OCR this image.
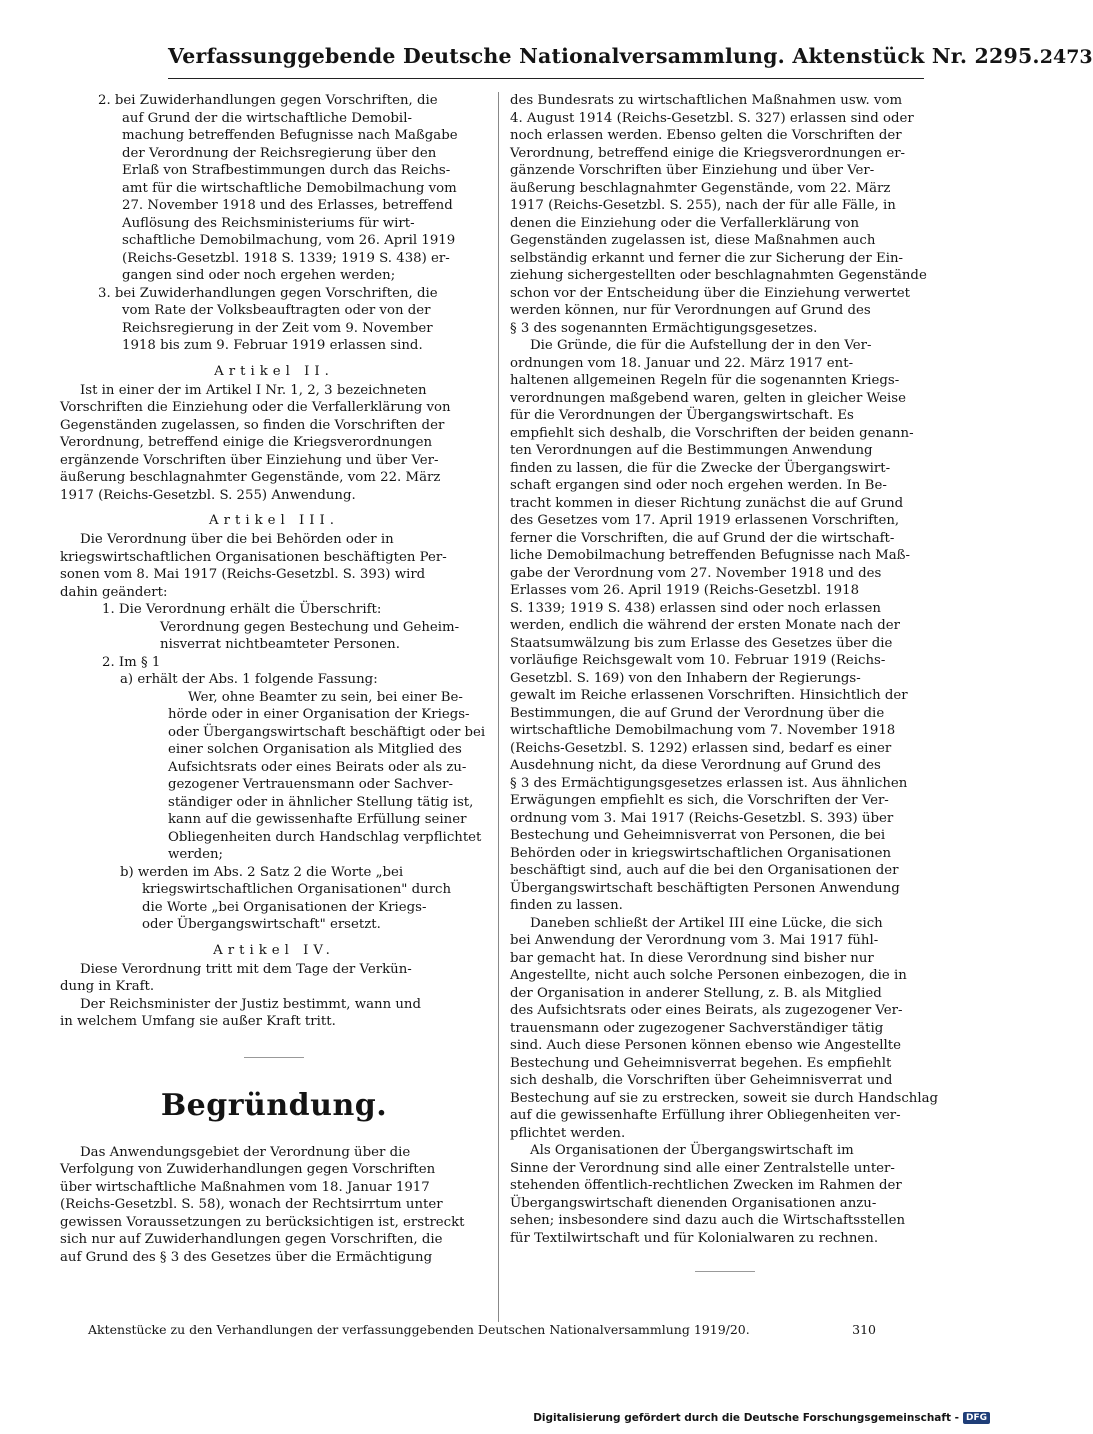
Verfassunggebende Deutsche Nationalversammlung. Aktenstück Nr. 2295. 2473
2. bei Zuwiderhandlungen gegen Vorschriften, die
auf Grund der die wirtschaftliche Demobil-
machung betreffenden Befugnisse nach Maßgabe
der Verordnung der Reichsregierung über den
Erlaß von Strafbestimmungen durch das Reichs-
amt für die wirtschaftliche Demobilmachung vom
27. November 1918 und des Erlasses, betreffend
Auflösung des Reichsministeriums für wirt-
schaftliche Demobilmachung, vom 26. April 1919
(Reichs-Gesetzbl. 1918 S. 1339; 1919 S. 438) er-
gangen sind oder noch ergehen werden;
3. bei Zuwiderhandlungen gegen Vorschriften, die
vom Rate der Volksbeauftragten oder von der
Reichsregierung in der Zeit vom 9. November
1918 bis zum 9. Februar 1919 erlassen sind.
Artikel II.
Ist in einer der im Artikel I Nr. 1, 2, 3 bezeichneten
Vorschriften die Einziehung oder die Verfallerklärung von
Gegenständen zugelassen, so finden die Vorschriften der
Verordnung, betreffend einige die Kriegsverordnungen
ergänzende Vorschriften über Einziehung und über Ver-
äußerung beschlagnahmter Gegenstände, vom 22. März
1917 (Reichs-Gesetzbl. S. 255) Anwendung.
Artikel III.
Die Verordnung über die bei Behörden oder in
kriegswirtschaftlichen Organisationen beschäftigten Per-
sonen vom 8. Mai 1917 (Reichs-Gesetzbl. S. 393) wird
dahin geändert:
1. Die Verordnung erhält die Überschrift:
Verordnung gegen Bestechung und Geheim-
nisverrat nichtbeamteter Personen.
2. Im § 1
a) erhält der Abs. 1 folgende Fassung:
Wer, ohne Beamter zu sein, bei einer Be-
hörde oder in einer Organisation der Kriegs-
oder Übergangswirtschaft beschäftigt oder bei
einer solchen Organisation als Mitglied des
Aufsichtsrats oder eines Beirats oder als zu-
gezogener Vertrauensmann oder Sachver-
ständiger oder in ähnlicher Stellung tätig ist,
kann auf die gewissenhafte Erfüllung seiner
Obliegenheiten durch Handschlag verpflichtet
werden;
b) werden im Abs. 2 Satz 2 die Worte „bei
kriegswirtschaftlichen Organisationen" durch
die Worte „bei Organisationen der Kriegs-
oder Übergangswirtschaft" ersetzt.
Artikel IV.
Diese Verordnung tritt mit dem Tage der Verkün-
dung in Kraft.
Der Reichsminister der Justiz bestimmt, wann und
in welchem Umfang sie außer Kraft tritt.
Begründung.
Das Anwendungsgebiet der Verordnung über die
Verfolgung von Zuwiderhandlungen gegen Vorschriften
über wirtschaftliche Maßnahmen vom 18. Januar 1917
(Reichs-Gesetzbl. S. 58), wonach der Rechtsirrtum unter
gewissen Voraussetzungen zu berücksichtigen ist, erstreckt
sich nur auf Zuwiderhandlungen gegen Vorschriften, die
auf Grund des § 3 des Gesetzes über die Ermächtigung
des Bundesrats zu wirtschaftlichen Maßnahmen usw. vom
4. August 1914 (Reichs-Gesetzbl. S. 327) erlassen sind oder
noch erlassen werden. Ebenso gelten die Vorschriften der
Verordnung, betreffend einige die Kriegsverordnungen er-
gänzende Vorschriften über Einziehung und über Ver-
äußerung beschlagnahmter Gegenstände, vom 22. März
1917 (Reichs-Gesetzbl. S. 255), nach der für alle Fälle, in
denen die Einziehung oder die Verfallerklärung von
Gegenständen zugelassen ist, diese Maßnahmen auch
selbständig erkannt und ferner die zur Sicherung der Ein-
ziehung sichergestellten oder beschlagnahmten Gegenstände
schon vor der Entscheidung über die Einziehung verwertet
werden können, nur für Verordnungen auf Grund des
§ 3 des sogenannten Ermächtigungsgesetzes.
Die Gründe, die für die Aufstellung der in den Ver-
ordnungen vom 18. Januar und 22. März 1917 ent-
haltenen allgemeinen Regeln für die sogenannten Kriegs-
verordnungen maßgebend waren, gelten in gleicher Weise
für die Verordnungen der Übergangswirtschaft. Es
empfiehlt sich deshalb, die Vorschriften der beiden genann-
ten Verordnungen auf die Bestimmungen Anwendung
finden zu lassen, die für die Zwecke der Übergangswirt-
schaft ergangen sind oder noch ergehen werden. In Be-
tracht kommen in dieser Richtung zunächst die auf Grund
des Gesetzes vom 17. April 1919 erlassenen Vorschriften,
ferner die Vorschriften, die auf Grund der die wirtschaft-
liche Demobilmachung betreffenden Befugnisse nach Maß-
gabe der Verordnung vom 27. November 1918 und des
Erlasses vom 26. April 1919 (Reichs-Gesetzbl. 1918
S. 1339; 1919 S. 438) erlassen sind oder noch erlassen
werden, endlich die während der ersten Monate nach der
Staatsumwälzung bis zum Erlasse des Gesetzes über die
vorläufige Reichsgewalt vom 10. Februar 1919 (Reichs-
Gesetzbl. S. 169) von den Inhabern der Regierungs-
gewalt im Reiche erlassenen Vorschriften. Hinsichtlich der
Bestimmungen, die auf Grund der Verordnung über die
wirtschaftliche Demobilmachung vom 7. November 1918
(Reichs-Gesetzbl. S. 1292) erlassen sind, bedarf es einer
Ausdehnung nicht, da diese Verordnung auf Grund des
§ 3 des Ermächtigungsgesetzes erlassen ist. Aus ähnlichen
Erwägungen empfiehlt es sich, die Vorschriften der Ver-
ordnung vom 3. Mai 1917 (Reichs-Gesetzbl. S. 393) über
Bestechung und Geheimnisverrat von Personen, die bei
Behörden oder in kriegswirtschaftlichen Organisationen
beschäftigt sind, auch auf die bei den Organisationen der
Übergangswirtschaft beschäftigten Personen Anwendung
finden zu lassen.
Daneben schließt der Artikel III eine Lücke, die sich
bei Anwendung der Verordnung vom 3. Mai 1917 fühl-
bar gemacht hat. In diese Verordnung sind bisher nur
Angestellte, nicht auch solche Personen einbezogen, die in
der Organisation in anderer Stellung, z. B. als Mitglied
des Aufsichtsrats oder eines Beirats, als zugezogener Ver-
trauensmann oder zugezogener Sachverständiger tätig
sind. Auch diese Personen können ebenso wie Angestellte
Bestechung und Geheimnisverrat begehen. Es empfiehlt
sich deshalb, die Vorschriften über Geheimnisverrat und
Bestechung auf sie zu erstrecken, soweit sie durch Handschlag
auf die gewissenhafte Erfüllung ihrer Obliegenheiten ver-
pflichtet werden.
Als Organisationen der Übergangswirtschaft im
Sinne der Verordnung sind alle einer Zentralstelle unter-
stehenden öffentlich-rechtlichen Zwecken im Rahmen der
Übergangswirtschaft dienenden Organisationen anzu-
sehen; insbesondere sind dazu auch die Wirtschaftsstellen
für Textilwirtschaft und für Kolonialwaren zu rechnen.
Aktenstücke zu den Verhandlungen der verfassunggebenden Deutschen Nationalversammlung 1919/20.	310
Digitalisierung gefördert durch die Deutsche Forschungsgemeinschaft - DFG
